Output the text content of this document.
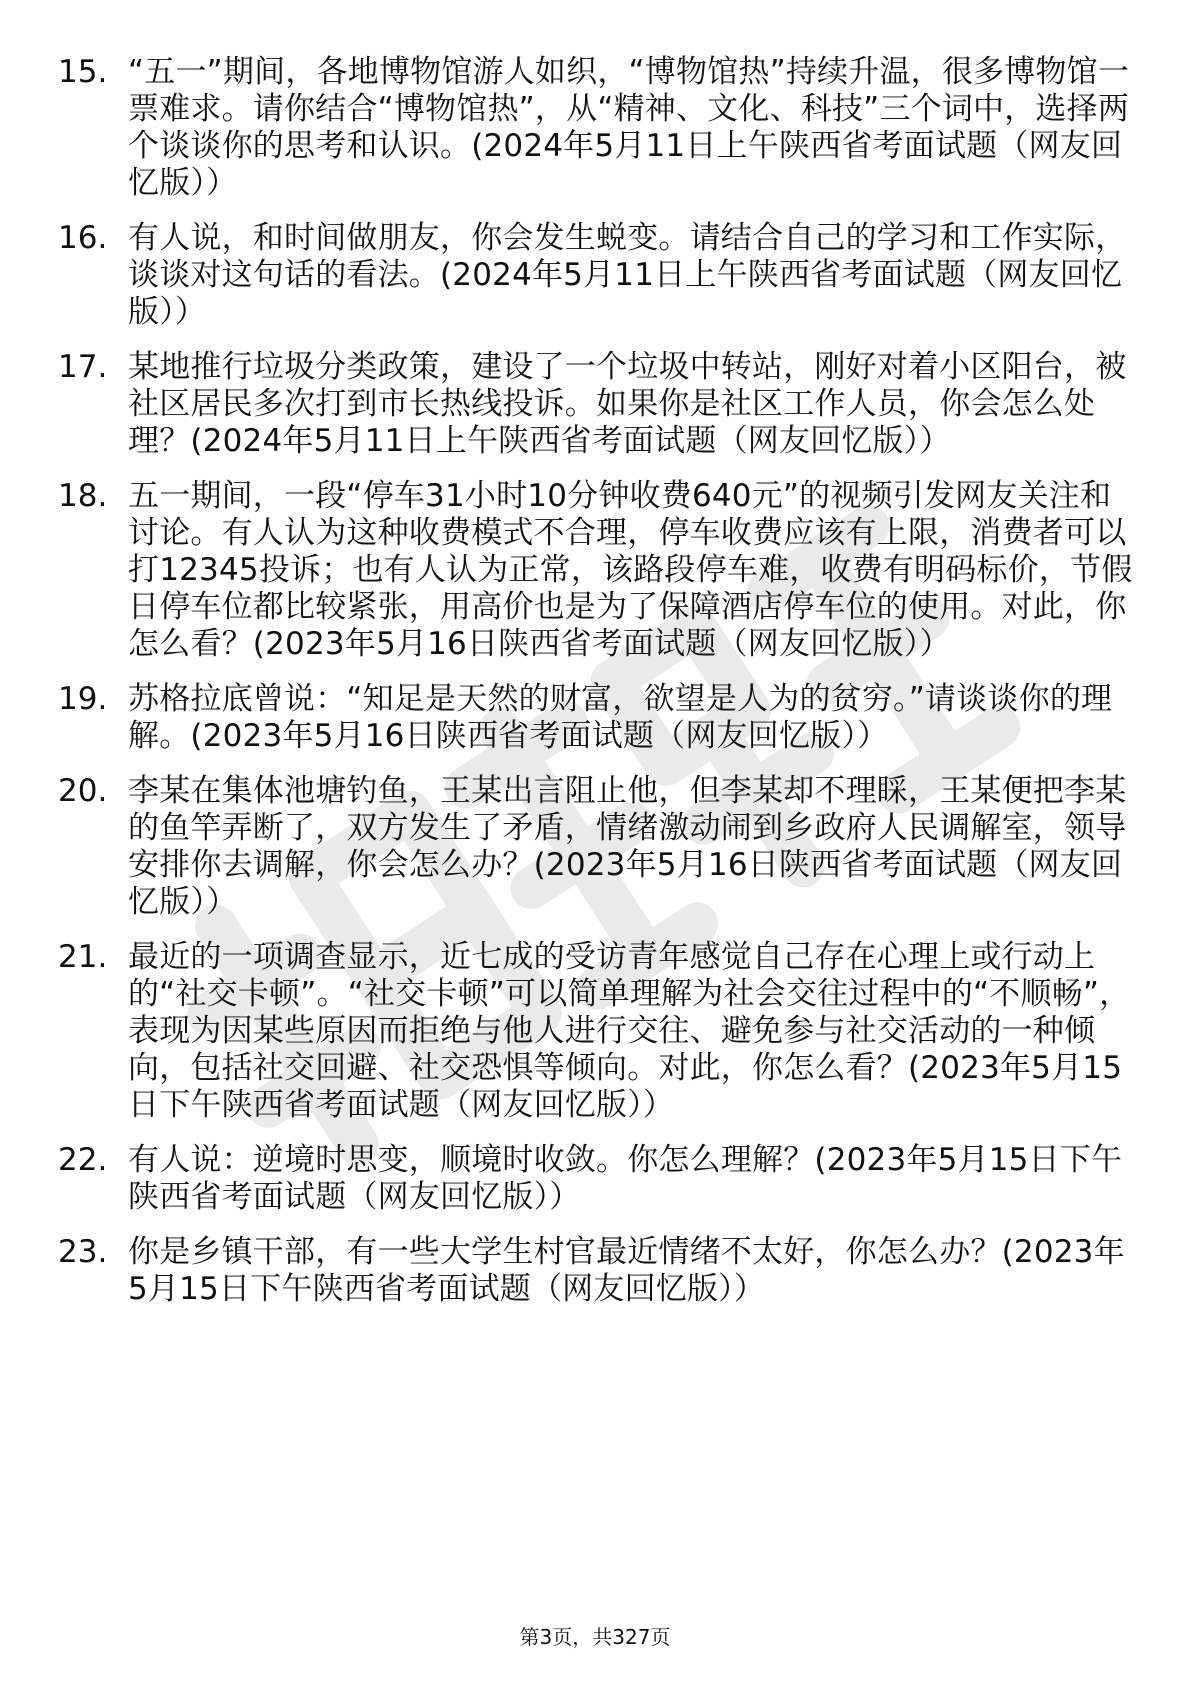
15. “五一”期间，各地博物馆游人如织，“博物馆热”持续升温，很多博物馆一票难求。请你结合“博物馆热”，从“精神、文化、科技”三个词中，选择两个谈谈你的思考和认识。(2024年5月11日上午陕西省考面试题（网友回忆版））
16. 有人说，和时间做朋友，你会发生蜕变。请结合自己的学习和工作实际，谈谈对这句话的看法。(2024年5月11日上午陕西省考面试题（网友回忆版））
17. 某地推行垃圾分类政策，建设了一个垃圾中转站，刚好对着小区阳台，被社区居民多次打到市长热线投诉。如果你是社区工作人员，你会怎么处理？(2024年5月11日上午陕西省考面试题（网友回忆版））
18. 五一期间，一段“停车31小时10分钟收费640元”的视频引发网友关注和讨论。有人认为这种收费模式不合理，停车收费应该有上限，消费者可以打12345投诉；也有人认为正常，该路段停车难，收费有明码标价，节假日停车位都比较紧张，用高价也是为了保障酒店停车位的使用。对此，你怎么看？(2023年5月16日陕西省考面试题（网友回忆版））
19. 苏格拉底曾说：“知足是天然的财富，欲望是人为的贫穷。”请谈谈你的理解。(2023年5月16日陕西省考面试题（网友回忆版））
20. 李某在集体池塘钓鱼，王某出言阻止他，但李某却不理睬，王某便把李某的鱼竿弄断了，双方发生了矛盾，情绪激动闹到乡政府人民调解室，领导安排你去调解，你会怎么办？(2023年5月16日陕西省考面试题（网友回忆版））
21. 最近的一项调查显示，近七成的受访青年感觉自己存在心理上或行动上的“社交卡顿”。“社交卡顿”可以简单理解为社会交往过程中的“不顺畅”，表现为因某些原因而拒绝与他人进行交往、避免参与社交活动的一种倾向，包括社交回避、社交恐惧等倾向。对此，你怎么看？(2023年5月15日下午陕西省考面试题（网友回忆版））
22. 有人说：逆境时思变，顺境时收敛。你怎么理解？(2023年5月15日下午陕西省考面试题（网友回忆版））
23. 你是乡镇干部，有一些大学生村官最近情绪不太好，你怎么办？(2023年5月15日下午陕西省考面试题（网友回忆版））
第3页，共327页
